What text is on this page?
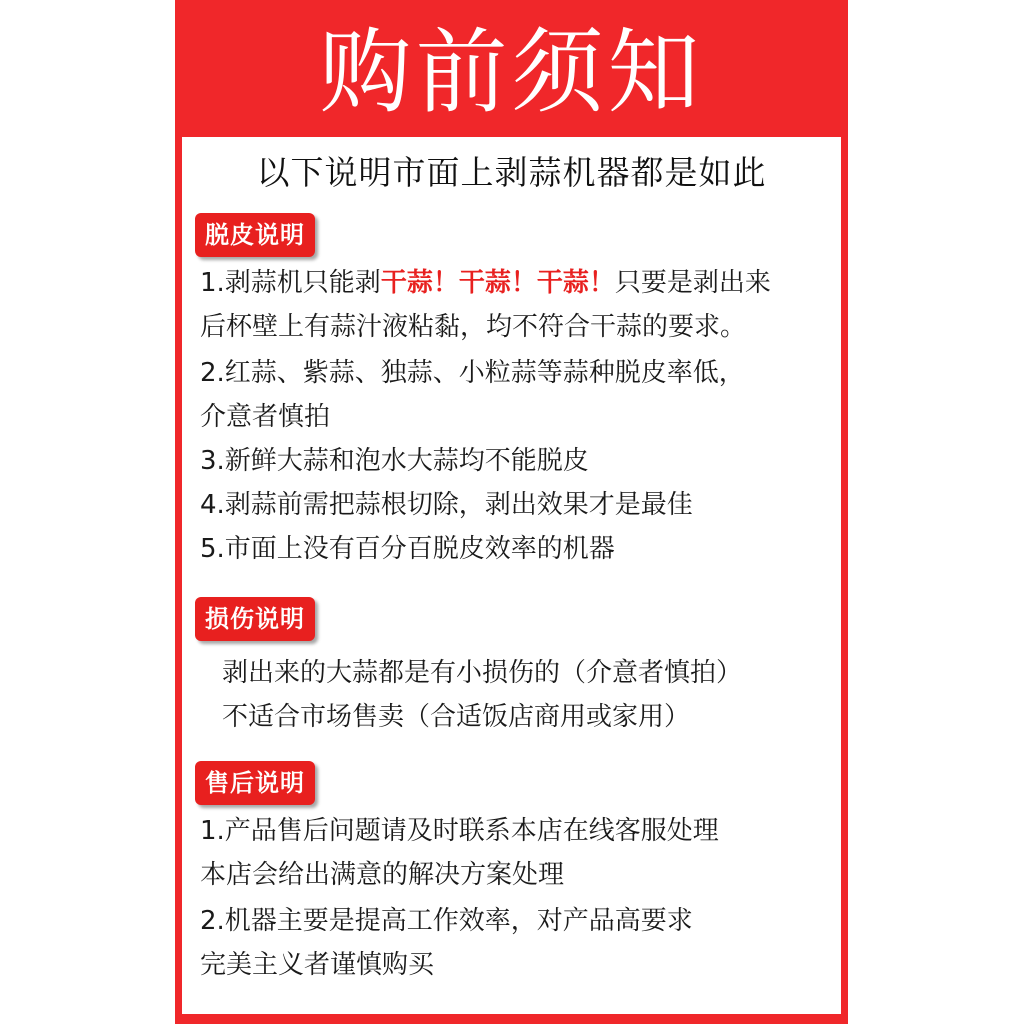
购前须知
以下说明市面上剥蒜机器都是如此
脱皮说明
1.剥蒜机只能剥干蒜！干蒜！干蒜！只要是剥出来
后杯壁上有蒜汁液粘黏，均不符合干蒜的要求。
2.红蒜、紫蒜、独蒜、小粒蒜等蒜种脱皮率低，
介意者慎拍
3.新鲜大蒜和泡水大蒜均不能脱皮
4.剥蒜前需把蒜根切除，剥出效果才是最佳
5.市面上没有百分百脱皮效率的机器
损伤说明
剥出来的大蒜都是有小损伤的（介意者慎拍）
不适合市场售卖（合适饭店商用或家用）
售后说明
1.产品售后问题请及时联系本店在线客服处理
本店会给出满意的解决方案处理
2.机器主要是提高工作效率，对产品高要求
完美主义者谨慎购买
